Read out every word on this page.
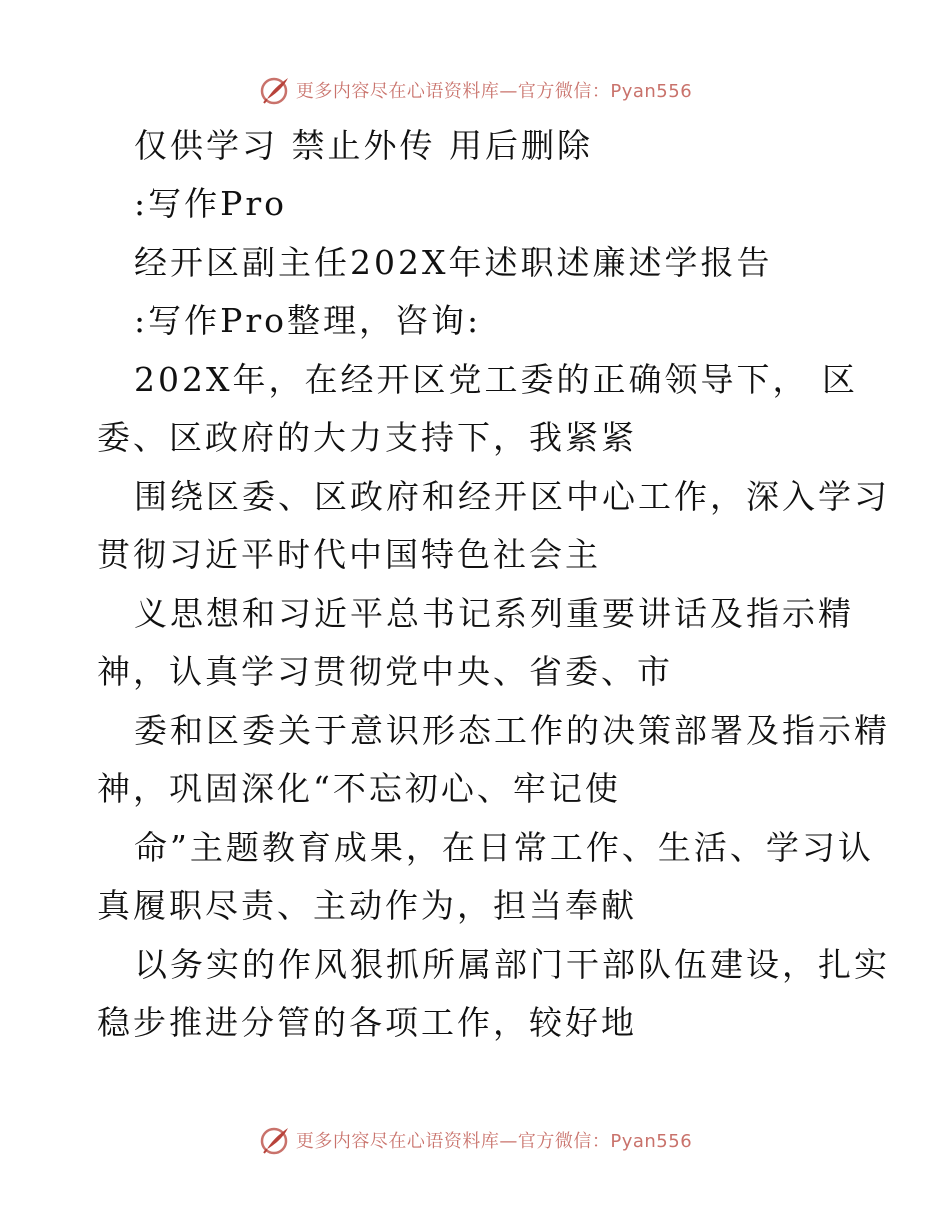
更多内容尽在心语资料库—官方微信：Pyan556
仅供学习 禁止外传 用后删除
:写作Pro
经开区副主任202X年述职述廉述学报告
:写作Pro整理，咨询:
202X年，在经开区党工委的正确领导下， 区
委、区政府的大力支持下，我紧紧
围绕区委、区政府和经开区中心工作，深入学习
贯彻习近平时代中国特色社会主
义思想和习近平总书记系列重要讲话及指示精
神，认真学习贯彻党中央、省委、市
委和区委关于意识形态工作的决策部署及指示精
神，巩固深化“不忘初心、牢记使
命”主题教育成果，在日常工作、生活、学习认
真履职尽责、主动作为，担当奉献
以务实的作风狠抓所属部门干部队伍建设，扎实
稳步推进分管的各项工作，较好地
更多内容尽在心语资料库—官方微信：Pyan556
